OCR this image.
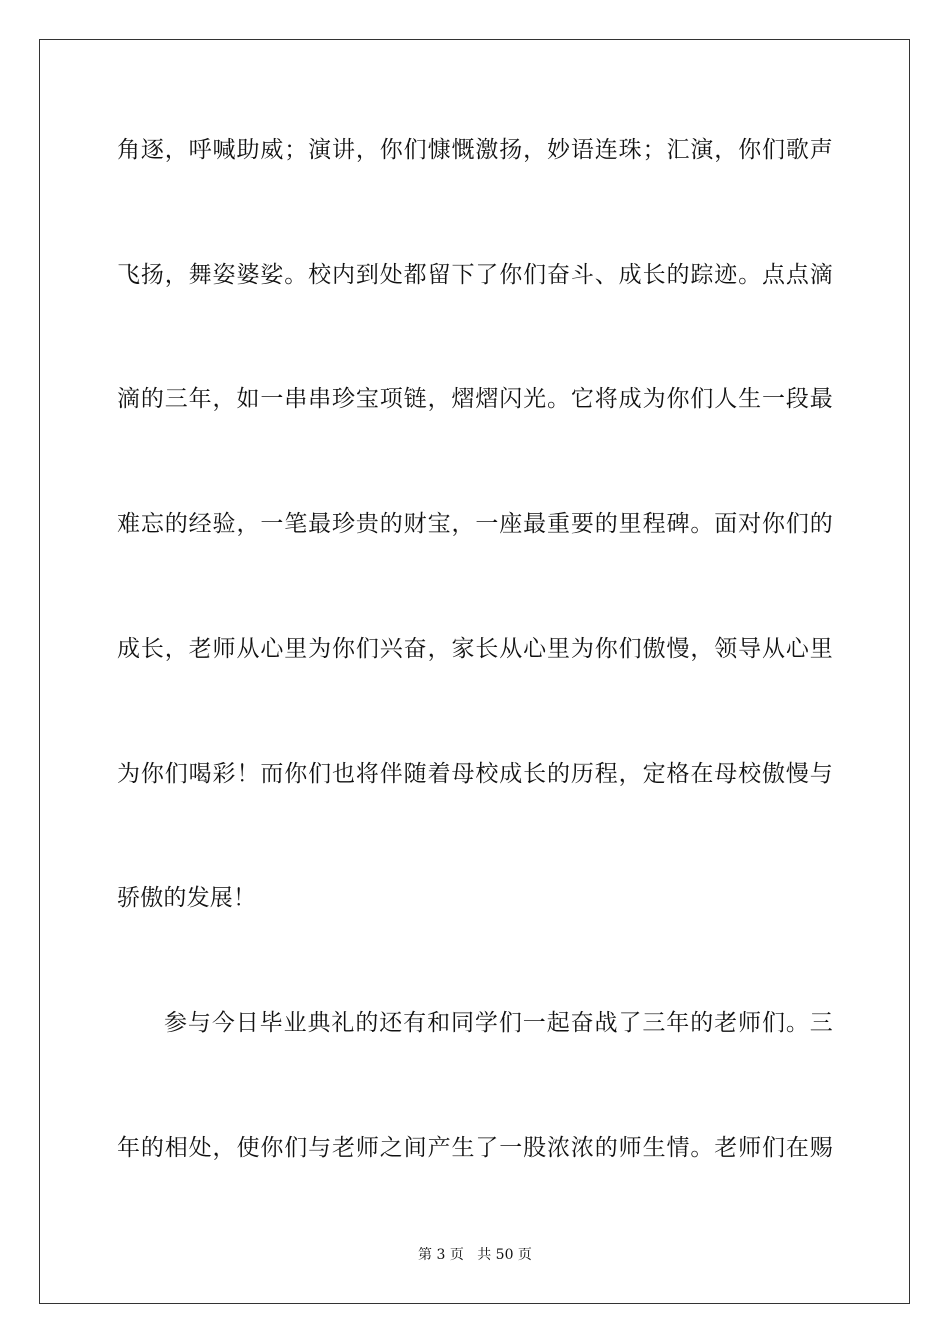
角逐，呼喊助威；演讲，你们慷慨激扬，妙语连珠；汇演，你们歌声
飞扬，舞姿婆娑。校内到处都留下了你们奋斗、成长的踪迹。点点滴
滴的三年，如一串串珍宝项链，熠熠闪光。它将成为你们人生一段最
难忘的经验，一笔最珍贵的财宝，一座最重要的里程碑。面对你们的
成长，老师从心里为你们兴奋，家长从心里为你们傲慢，领导从心里
为你们喝彩！而你们也将伴随着母校成长的历程，定格在母校傲慢与
骄傲的发展！
参与今日毕业典礼的还有和同学们一起奋战了三年的老师们。三
年的相处，使你们与老师之间产生了一股浓浓的师生情。老师们在赐
第 3 页 共 50 页
